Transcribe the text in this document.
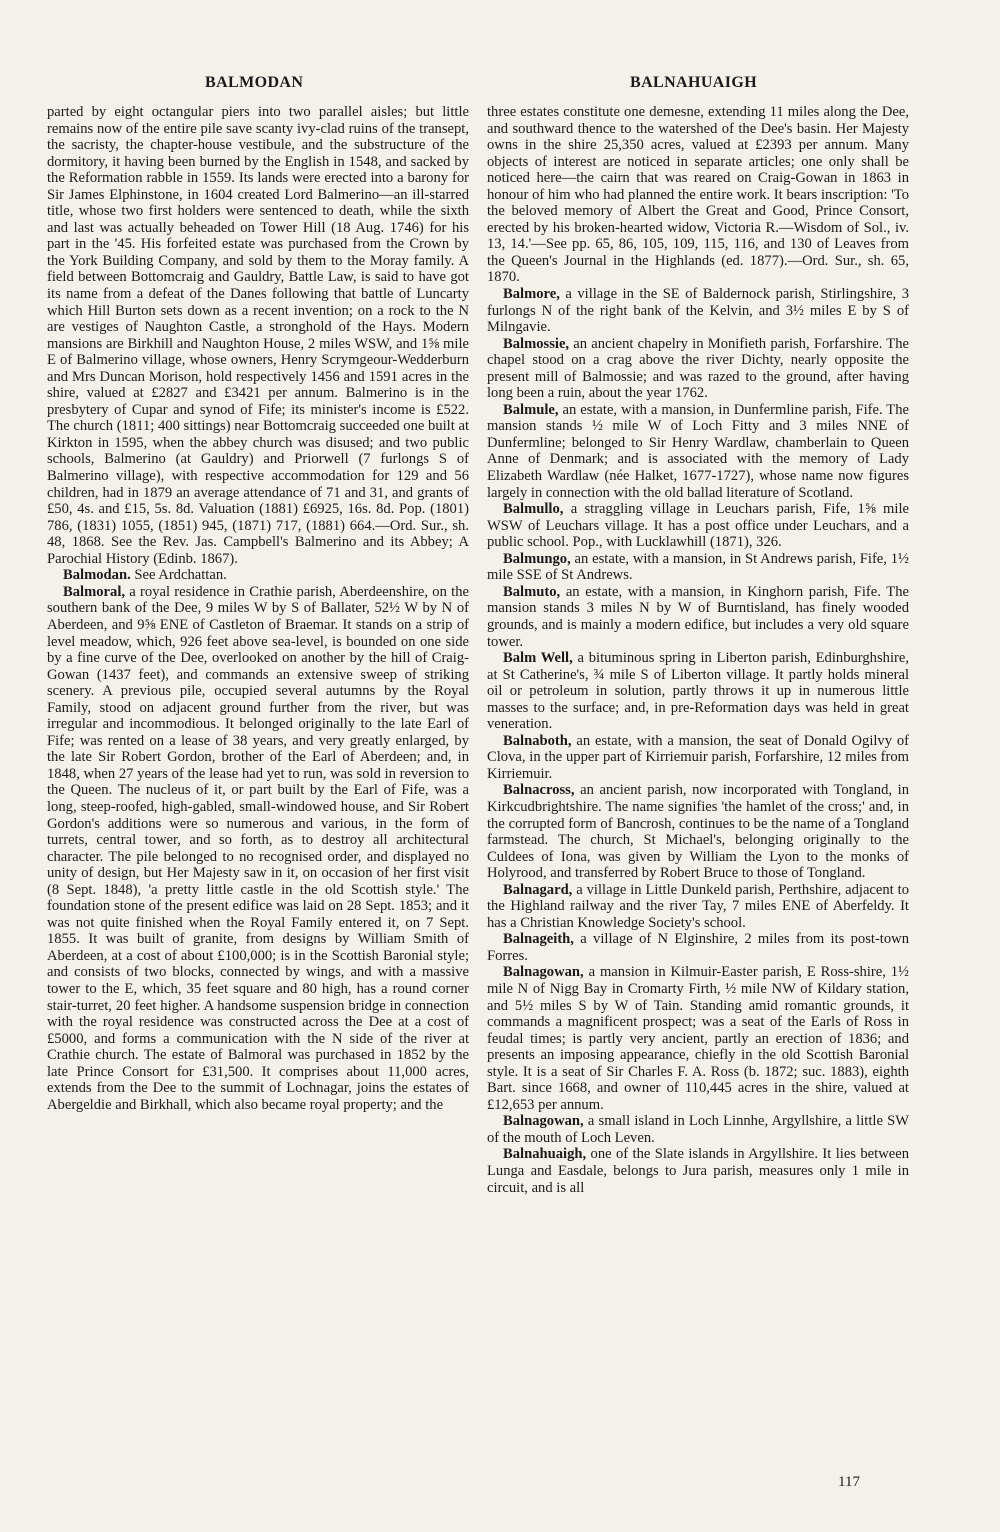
BALMODAN	BALNAHUAIGH

parted by eight octangular piers into two parallel aisles; but little remains now of the entire pile save scanty ivy-clad ruins of the transept, the sacristy, the chapter-house vestibule, and the substructure of the dormitory, it having been burned by the English in 1548, and sacked by the Reformation rabble in 1559. Its lands were erected into a barony for Sir James Elphinstone, in 1604 created Lord Balmerino—an ill-starred title, whose two first holders were sentenced to death, while the sixth and last was actually beheaded on Tower Hill (18 Aug. 1746) for his part in the '45. His forfeited estate was purchased from the Crown by the York Building Company, and sold by them to the Moray family. A field between Bottomcraig and Gauldry, Battle Law, is said to have got its name from a defeat of the Danes following that battle of Luncarty which Hill Burton sets down as a recent invention; on a rock to the N are vestiges of Naughton Castle, a stronghold of the Hays. Modern mansions are Birkhill and Naughton House, 2 miles WSW, and 1⅝ mile E of Balmerino village, whose owners, Henry Scrymgeour-Wedderburn and Mrs Duncan Morison, hold respectively 1456 and 1591 acres in the shire, valued at £2827 and £3421 per annum. Balmerino is in the presbytery of Cupar and synod of Fife; its minister's income is £522. The church (1811; 400 sittings) near Bottomcraig succeeded one built at Kirkton in 1595, when the abbey church was disused; and two public schools, Balmerino (at Gauldry) and Priorwell (7 furlongs S of Balmerino village), with respective accommodation for 129 and 56 children, had in 1879 an average attendance of 71 and 31, and grants of £50, 4s. and £15, 5s. 8d. Valuation (1881) £6925, 16s. 8d. Pop. (1801) 786, (1831) 1055, (1851) 945, (1871) 717, (1881) 664.—Ord. Sur., sh. 48, 1868. See the Rev. Jas. Campbell's Balmerino and its Abbey; A Parochial History (Edinb. 1867).

Balmodan. See Ardchattan.

Balmoral, a royal residence in Crathie parish, Aberdeenshire, on the southern bank of the Dee, 9 miles W by S of Ballater, 52½ W by N of Aberdeen, and 9⅝ ENE of Castleton of Braemar. It stands on a strip of level meadow, which, 926 feet above sea-level, is bounded on one side by a fine curve of the Dee, overlooked on another by the hill of Craig-Gowan (1437 feet), and commands an extensive sweep of striking scenery. A previous pile, occupied several autumns by the Royal Family, stood on adjacent ground further from the river, but was irregular and incommodious. It belonged originally to the late Earl of Fife; was rented on a lease of 38 years, and very greatly enlarged, by the late Sir Robert Gordon, brother of the Earl of Aberdeen; and, in 1848, when 27 years of the lease had yet to run, was sold in reversion to the Queen. The nucleus of it, or part built by the Earl of Fife, was a long, steep-roofed, high-gabled, small-windowed house, and Sir Robert Gordon's additions were so numerous and various, in the form of turrets, central tower, and so forth, as to destroy all architectural character. The pile belonged to no recognised order, and displayed no unity of design, but Her Majesty saw in it, on occasion of her first visit (8 Sept. 1848), 'a pretty little castle in the old Scottish style.' The foundation stone of the present edifice was laid on 28 Sept. 1853; and it was not quite finished when the Royal Family entered it, on 7 Sept. 1855. It was built of granite, from designs by William Smith of Aberdeen, at a cost of about £100,000; is in the Scottish Baronial style; and consists of two blocks, connected by wings, and with a massive tower to the E, which, 35 feet square and 80 high, has a round corner stair-turret, 20 feet higher. A handsome suspension bridge in connection with the royal residence was constructed across the Dee at a cost of £5000, and forms a communication with the N side of the river at Crathie church. The estate of Balmoral was purchased in 1852 by the late Prince Consort for £31,500. It comprises about 11,000 acres, extends from the Dee to the summit of Lochnagar, joins the estates of Abergeldie and Birkhall, which also became royal property; and the

three estates constitute one demesne, extending 11 miles along the Dee, and southward thence to the watershed of the Dee's basin. Her Majesty owns in the shire 25,350 acres, valued at £2393 per annum. Many objects of interest are noticed in separate articles; one only shall be noticed here—the cairn that was reared on Craig-Gowan in 1863 in honour of him who had planned the entire work. It bears inscription: 'To the beloved memory of Albert the Great and Good, Prince Consort, erected by his broken-hearted widow, Victoria R.—Wisdom of Sol., iv. 13, 14.'—See pp. 65, 86, 105, 109, 115, 116, and 130 of Leaves from the Queen's Journal in the Highlands (ed. 1877).—Ord. Sur., sh. 65, 1870.

Balmore, a village in the SE of Baldernock parish, Stirlingshire, 3 furlongs N of the right bank of the Kelvin, and 3½ miles E by S of Milngavie.

Balmossie, an ancient chapelry in Monifieth parish, Forfarshire. The chapel stood on a crag above the river Dichty, nearly opposite the present mill of Balmossie; and was razed to the ground, after having long been a ruin, about the year 1762.

Balmule, an estate, with a mansion, in Dunfermline parish, Fife. The mansion stands ½ mile W of Loch Fitty and 3 miles NNE of Dunfermline; belonged to Sir Henry Wardlaw, chamberlain to Queen Anne of Denmark; and is associated with the memory of Lady Elizabeth Wardlaw (née Halket, 1677-1727), whose name now figures largely in connection with the old ballad literature of Scotland.

Balmullo, a straggling village in Leuchars parish, Fife, 1⅝ mile WSW of Leuchars village. It has a post office under Leuchars, and a public school. Pop., with Lucklawhill (1871), 326.

Balmungo, an estate, with a mansion, in St Andrews parish, Fife, 1½ mile SSE of St Andrews.

Balmuto, an estate, with a mansion, in Kinghorn parish, Fife. The mansion stands 3 miles N by W of Burntisland, has finely wooded grounds, and is mainly a modern edifice, but includes a very old square tower.

Balm Well, a bituminous spring in Liberton parish, Edinburghshire, at St Catherine's, ¾ mile S of Liberton village. It partly holds mineral oil or petroleum in solution, partly throws it up in numerous little masses to the surface; and, in pre-Reformation days was held in great veneration.

Balnaboth, an estate, with a mansion, the seat of Donald Ogilvy of Clova, in the upper part of Kirriemuir parish, Forfarshire, 12 miles from Kirriemuir.

Balnacross, an ancient parish, now incorporated with Tongland, in Kirkcudbrightshire. The name signifies 'the hamlet of the cross;' and, in the corrupted form of Bancrosh, continues to be the name of a Tongland farmstead. The church, St Michael's, belonging originally to the Culdees of Iona, was given by William the Lyon to the monks of Holyrood, and transferred by Robert Bruce to those of Tongland.

Balnagard, a village in Little Dunkeld parish, Perthshire, adjacent to the Highland railway and the river Tay, 7 miles ENE of Aberfeldy. It has a Christian Knowledge Society's school.

Balnageith, a village of N Elginshire, 2 miles from its post-town Forres.

Balnagowan, a mansion in Kilmuir-Easter parish, E Ross-shire, 1½ mile N of Nigg Bay in Cromarty Firth, ½ mile NW of Kildary station, and 5½ miles S by W of Tain. Standing amid romantic grounds, it commands a magnificent prospect; was a seat of the Earls of Ross in feudal times; is partly very ancient, partly an erection of 1836; and presents an imposing appearance, chiefly in the old Scottish Baronial style. It is a seat of Sir Charles F. A. Ross (b. 1872; suc. 1883), eighth Bart. since 1668, and owner of 110,445 acres in the shire, valued at £12,653 per annum.

Balnagowan, a small island in Loch Linnhe, Argyllshire, a little SW of the mouth of Loch Leven.

Balnahuaigh, one of the Slate islands in Argyllshire. It lies between Lunga and Easdale, belongs to Jura parish, measures only 1 mile in circuit, and is all

117
